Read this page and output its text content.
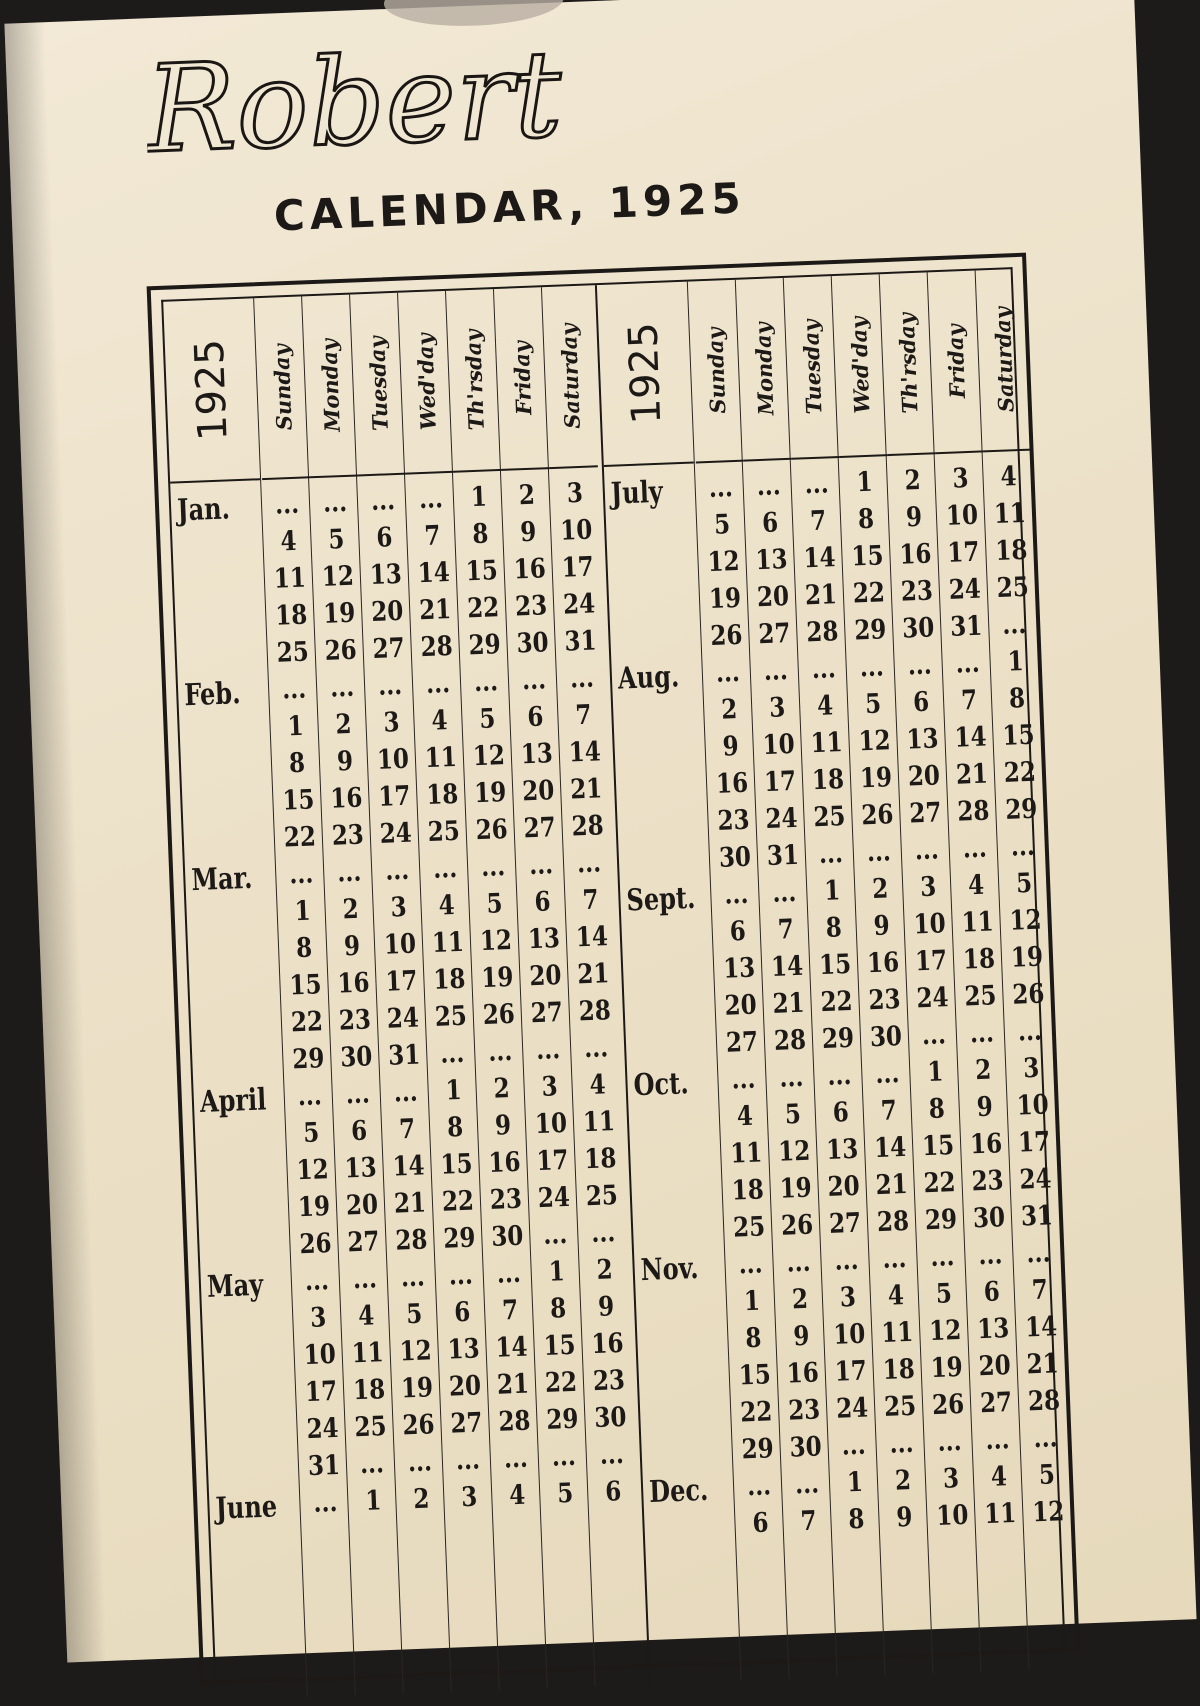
Robert
CALENDAR, 1925
1925 Sunday Monday Tuesday Wed'day Th'rsday Friday Saturday
Jan.	... ... ... ... 1	2	3
4	5	6	7	8	9 10
11 12 13 14 15 16 17
18 19 20 21 22 23 24
25 26 27 28 29 30 31
Feb.	... ... ... ... ... ... ...
1	2	3	4	5	6	7
8	9 10 11 12 13 14
15 16 17 18 19 20 21
22 23 24 25 26 27 28
Mar.	... ... ... ... ... ... ...
1	2	3	4	5	6	7
8	9 10 11 12 13 14
15 16 17 18 19 20 21
22 23 24 25 26 27 28
29 30 31 ... ... ... ...
April	... ... ... 1	2	3	4
5	6	7	8	9 10 11
12 13 14 15 16 17 18
19 20 21 22 23 24 25
26 27 28 29 30 ... ...
May	... ... ... ... ... 1	2
3	4	5	6	7	8	9
10 11 12 13 14 15 16
17 18 19 20 21 22 23
24 25 26 27 28 29 30
31 ... ... ... ... ... ...
June	... 1	2	3	4	5	6
1925 Sunday Monday Tuesday Wed'day Th'rsday Friday Saturday
July	... ... ... 1	2	3	4
5	6	7	8	9 10 11
12 13 14 15 16 17 18
19 20 21 22 23 24 25
26 27 28 29 30 31 ...
Aug.	... ... ... ... ... ... 1
2	3	4	5	6	7	8
9 10 11 12 13 14 15
16 17 18 19 20 21 22
23 24 25 26 27 28 29
30 31 ... ... ... ... ...
Sept.	... ... 1	2	3	4	5
6	7	8	9 10 11 12
13 14 15 16 17 18 19
20 21 22 23 24 25 26
27 28 29 30 ... ... ...
Oct.	... ... ... ... 1	2	3
4	5	6	7	8	9 10
11 12 13 14 15 16 17
18 19 20 21 22 23 24
25 26 27 28 29 30 31
Nov.	... ... ... ... ... ... ...
1	2	3	4	5	6	7
8	9 10 11 12 13 14
15 16 17 18 19 20 21
22 23 24 25 26 27 28
29 30 ... ... ... ... ...
Dec.	... ... 1	2	3	4	5
6	7	8	9 10 11 12
